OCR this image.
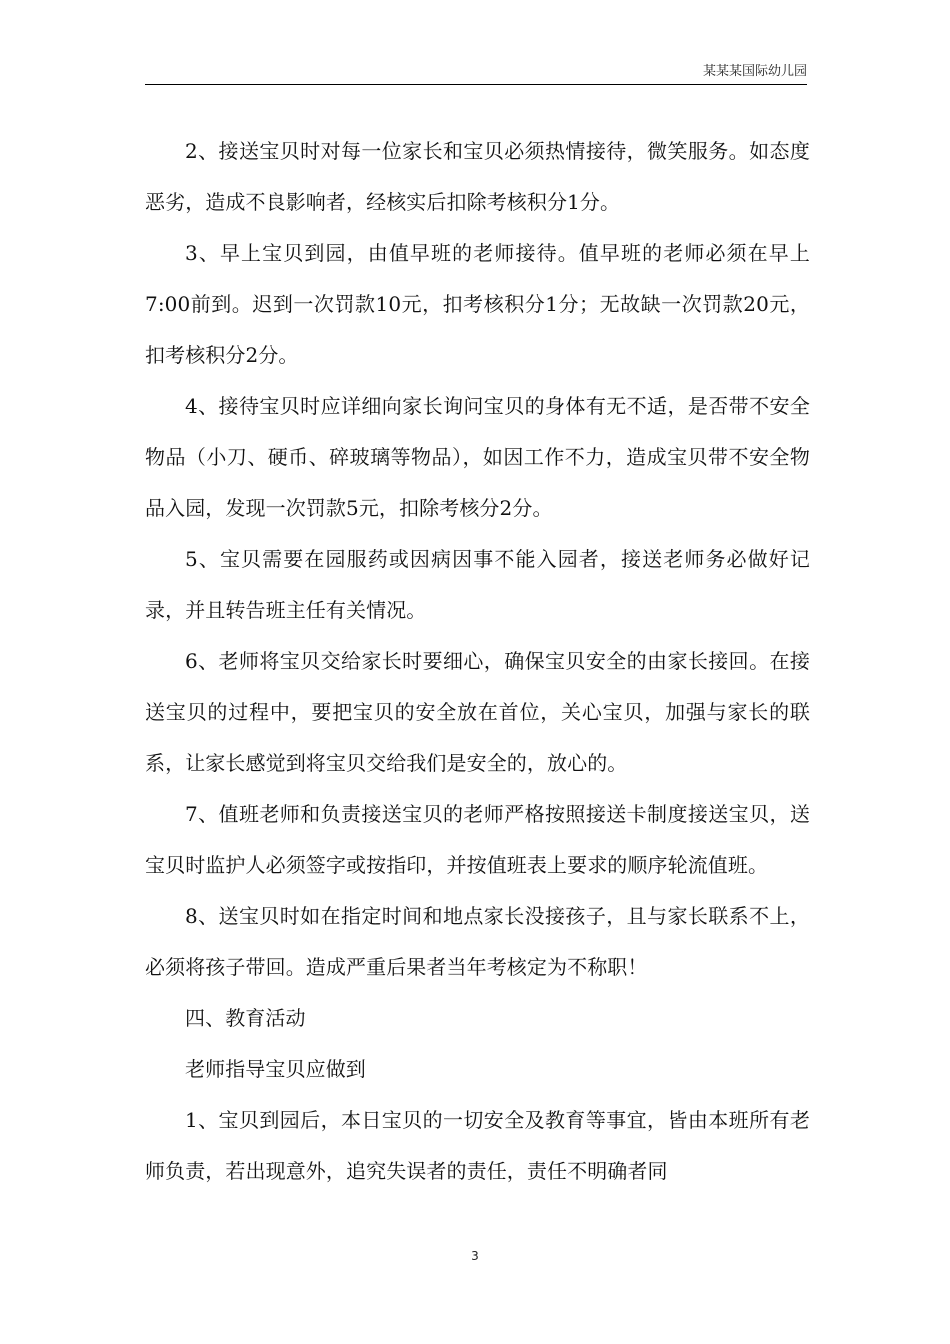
某某某国际幼儿园

2、接送宝贝时对每一位家长和宝贝必须热情接待，微笑服务。如态度恶劣，造成不良影响者，经核实后扣除考核积分1分。

3、早上宝贝到园，由值早班的老师接待。值早班的老师必须在早上7:00前到。迟到一次罚款10元，扣考核积分1分；无故缺一次罚款20元，扣考核积分2分。

4、接待宝贝时应详细向家长询问宝贝的身体有无不适，是否带不安全物品（小刀、硬币、碎玻璃等物品），如因工作不力，造成宝贝带不安全物品入园，发现一次罚款5元，扣除考核分2分。

5、宝贝需要在园服药或因病因事不能入园者，接送老师务必做好记录，并且转告班主任有关情况。

6、老师将宝贝交给家长时要细心，确保宝贝安全的由家长接回。在接送宝贝的过程中，要把宝贝的安全放在首位，关心宝贝，加强与家长的联系，让家长感觉到将宝贝交给我们是安全的，放心的。

7、值班老师和负责接送宝贝的老师严格按照接送卡制度接送宝贝，送宝贝时监护人必须签字或按指印，并按值班表上要求的顺序轮流值班。

8、送宝贝时如在指定时间和地点家长没接孩子，且与家长联系不上，必须将孩子带回。造成严重后果者当年考核定为不称职！

四、教育活动

老师指导宝贝应做到

1、宝贝到园后，本日宝贝的一切安全及教育等事宜，皆由本班所有老师负责，若出现意外，追究失误者的责任，责任不明确者同

3
